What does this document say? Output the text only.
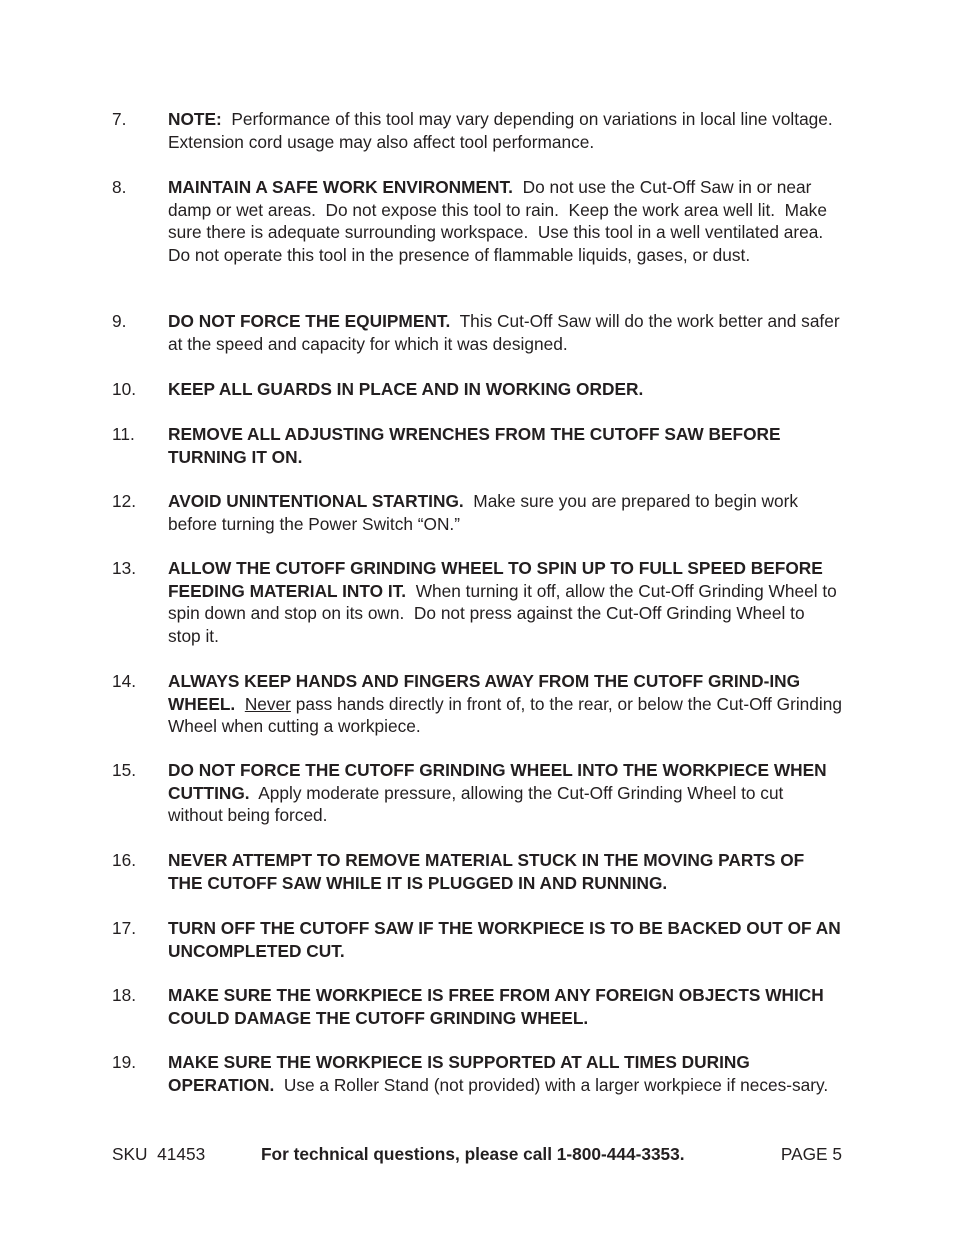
7.	NOTE:  Performance of this tool may vary depending on variations in local line voltage.  Extension cord usage may also affect tool performance.
8.	MAINTAIN A SAFE WORK ENVIRONMENT.  Do not use the Cut-Off Saw in or near damp or wet areas.  Do not expose this tool to rain.  Keep the work area well lit.  Make sure there is adequate surrounding workspace.  Use this tool in a well ventilated area.  Do not operate this tool in the presence of flammable liquids, gases, or dust.
9.	DO NOT FORCE THE EQUIPMENT.  This Cut-Off Saw will do the work better and safer at the speed and capacity for which it was designed.
10.	KEEP ALL GUARDS IN PLACE AND IN WORKING ORDER.
11.	REMOVE ALL ADJUSTING WRENCHES FROM THE CUTOFF SAW BEFORE TURNING IT ON.
12.	AVOID UNINTENTIONAL STARTING.  Make sure you are prepared to begin work before turning the Power Switch “ON.”
13.	ALLOW THE CUTOFF GRINDING WHEEL TO SPIN UP TO FULL SPEED BEFORE FEEDING MATERIAL INTO IT.  When turning it off, allow the Cut-Off Grinding Wheel to spin down and stop on its own.  Do not press against the Cut-Off Grinding Wheel to stop it.
14.	ALWAYS KEEP HANDS AND FINGERS AWAY FROM THE CUTOFF GRIND-ING WHEEL. Never pass hands directly in front of, to the rear, or below the Cut-Off Grinding Wheel when cutting a workpiece.
15.	DO NOT FORCE THE CUTOFF GRINDING WHEEL INTO THE WORKPIECE WHEN CUTTING.  Apply moderate pressure, allowing the Cut-Off Grinding Wheel to cut without being forced.
16.	NEVER ATTEMPT TO REMOVE MATERIAL STUCK IN THE MOVING PARTS OF THE CUTOFF SAW WHILE IT IS PLUGGED IN AND RUNNING.
17.	TURN OFF THE CUTOFF SAW IF THE WORKPIECE IS TO BE BACKED OUT OF AN UNCOMPLETED CUT.
18.	MAKE SURE THE WORKPIECE IS FREE FROM ANY FOREIGN OBJECTS WHICH COULD DAMAGE THE CUTOFF GRINDING WHEEL.
19.	MAKE SURE THE WORKPIECE IS SUPPORTED AT ALL TIMES DURING OPERATION.  Use a Roller Stand (not provided) with a larger workpiece if neces-sary.
SKU  41453	For technical questions, please call 1-800-444-3353.	PAGE 5
